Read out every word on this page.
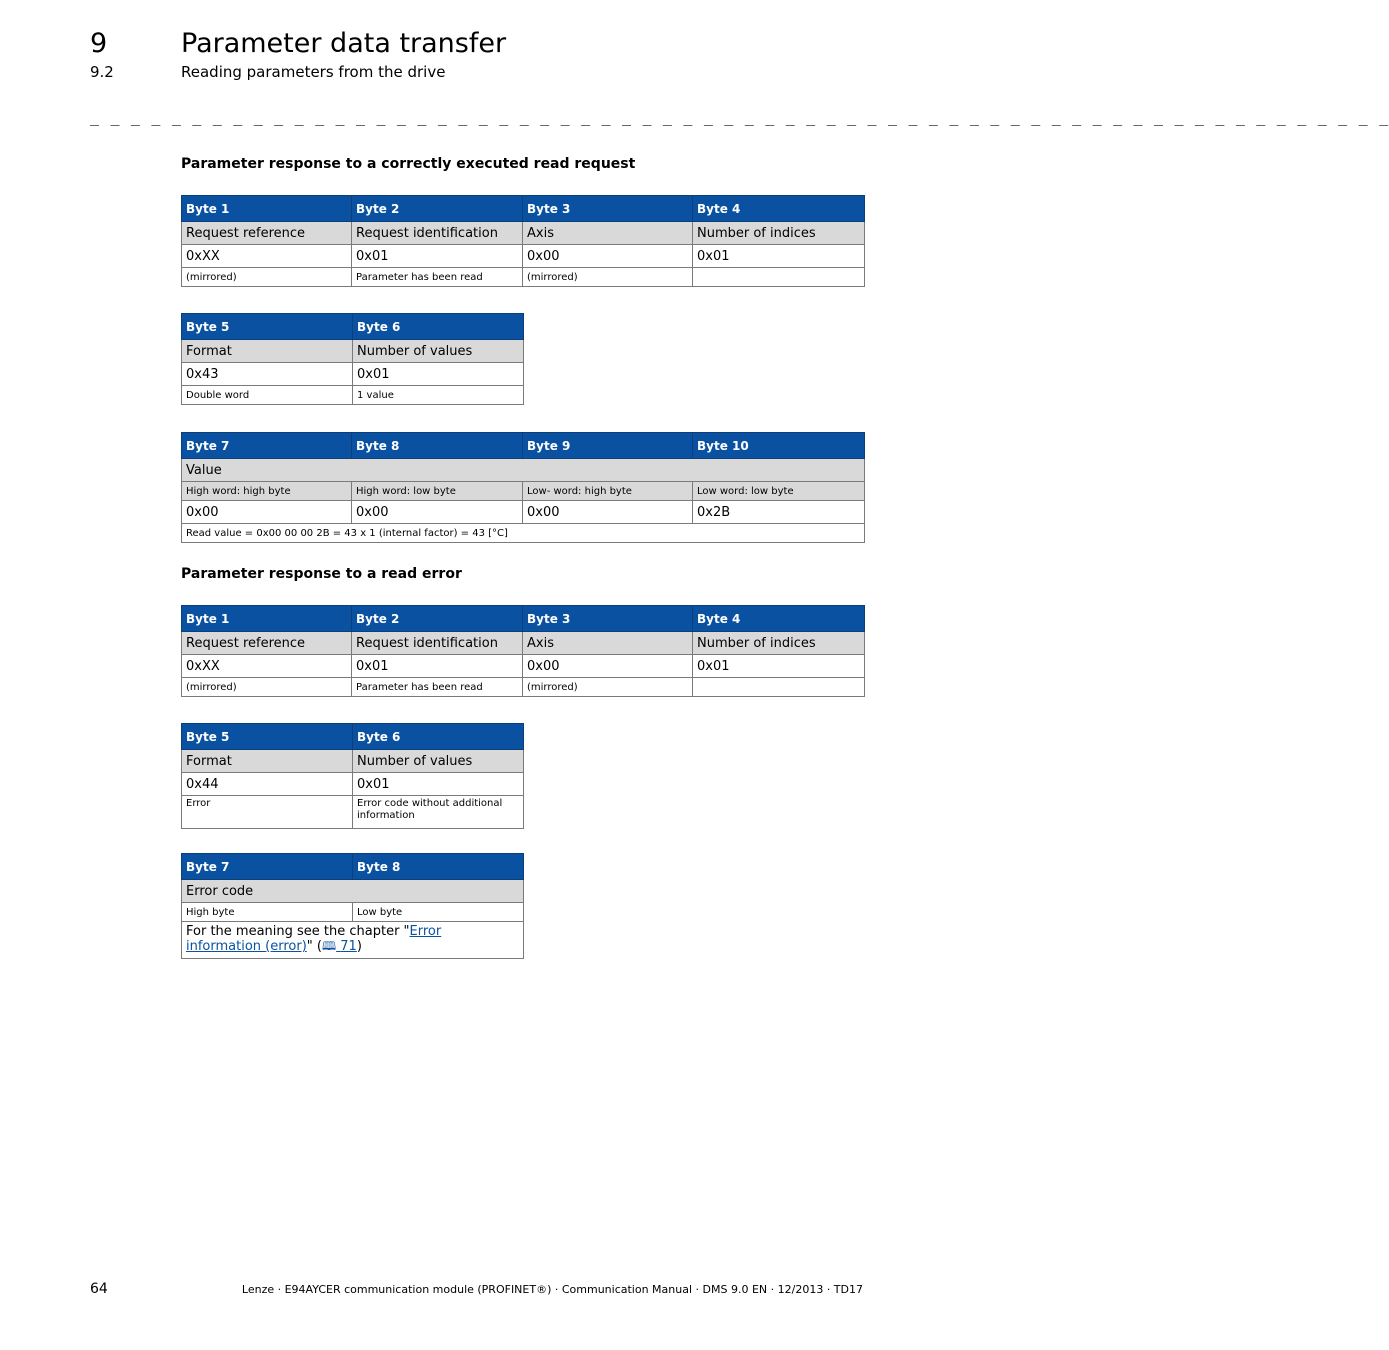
9	Parameter data transfer
9.2	Reading parameters from the drive
_ _ _ _ _ _ _ _ _ _ _ _ _ _ _ _ _ _ _ _ _ _ _ _ _ _ _ _ _ _ _ _ _ _ _ _ _ _ _ _ _ _ _ _ _ _ _ _ _ _ _ _ _ _ _ _ _ _ _ _ _ _ _ _
Parameter response to a correctly executed read request
Byte 1	Byte 2	Byte 3	Byte 4
Request reference	Request identification	Axis	Number of indices
0xXX	0x01	0x00	0x01
(mirrored)	Parameter has been read	(mirrored)	
Byte 5	Byte 6
Format	Number of values
0x43	0x01
Double word	1 value
Byte 7	Byte 8	Byte 9	Byte 10
Value			
High word: high byte	High word: low byte	Low- word: high byte	Low word: low byte
0x00	0x00	0x00	0x2B
Read value = 0x00 00 00 2B = 43 x 1 (internal factor) = 43 [°C]			
Parameter response to a read error
Byte 1	Byte 2	Byte 3	Byte 4
Request reference	Request identification	Axis	Number of indices
0xXX	0x01	0x00	0x01
(mirrored)	Parameter has been read	(mirrored)	
Byte 5	Byte 6
Format	Number of values
0x44	0x01
Error	Error code without additional information
Byte 7	Byte 8
Error code	
High byte	Low byte
For the meaning see the chapter "Error information (error)" (🕮 71)	
64	Lenze · E94AYCER communication module (PROFINET®) · Communication Manual · DMS 9.0 EN · 12/2013 · TD17
